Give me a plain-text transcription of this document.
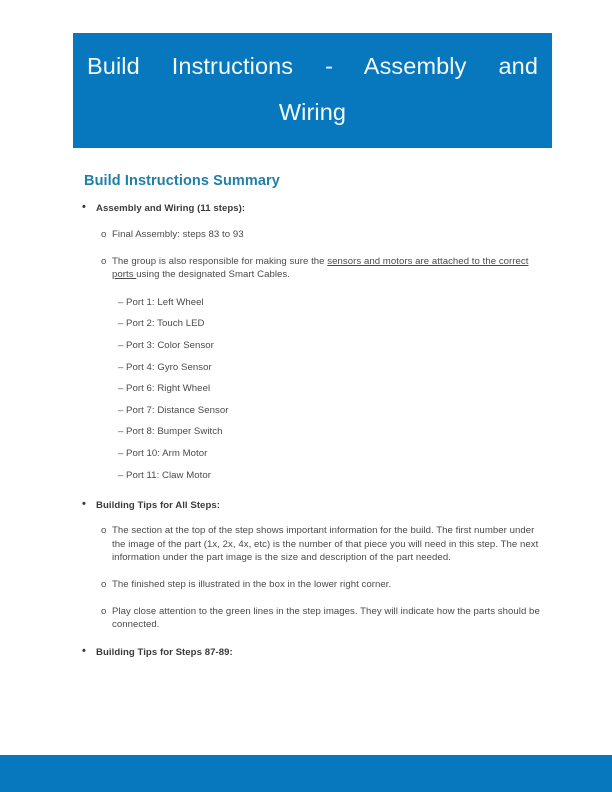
Build Instructions - Assembly and
Wiring
Build Instructions Summary
• Assembly and Wiring (11 steps):
o Final Assembly: steps 83 to 93
o The group is also responsible for making sure the sensors and motors are attached to the correct ports using the designated Smart Cables.
– Port 1: Left Wheel
– Port 2: Touch LED
– Port 3: Color Sensor
– Port 4: Gyro Sensor
– Port 6: Right Wheel
– Port 7: Distance Sensor
– Port 8: Bumper Switch
– Port 10: Arm Motor
– Port 11: Claw Motor
• Building Tips for All Steps:
o The section at the top of the step shows important information for the build. The first number under the image of the part (1x, 2x, 4x, etc) is the number of that piece you will need in this step. The next information under the part image is the size and description of the part needed.
o The finished step is illustrated in the box in the lower right corner.
o Play close attention to the green lines in the step images. They will indicate how the parts should be connected.
• Building Tips for Steps 87-89:
